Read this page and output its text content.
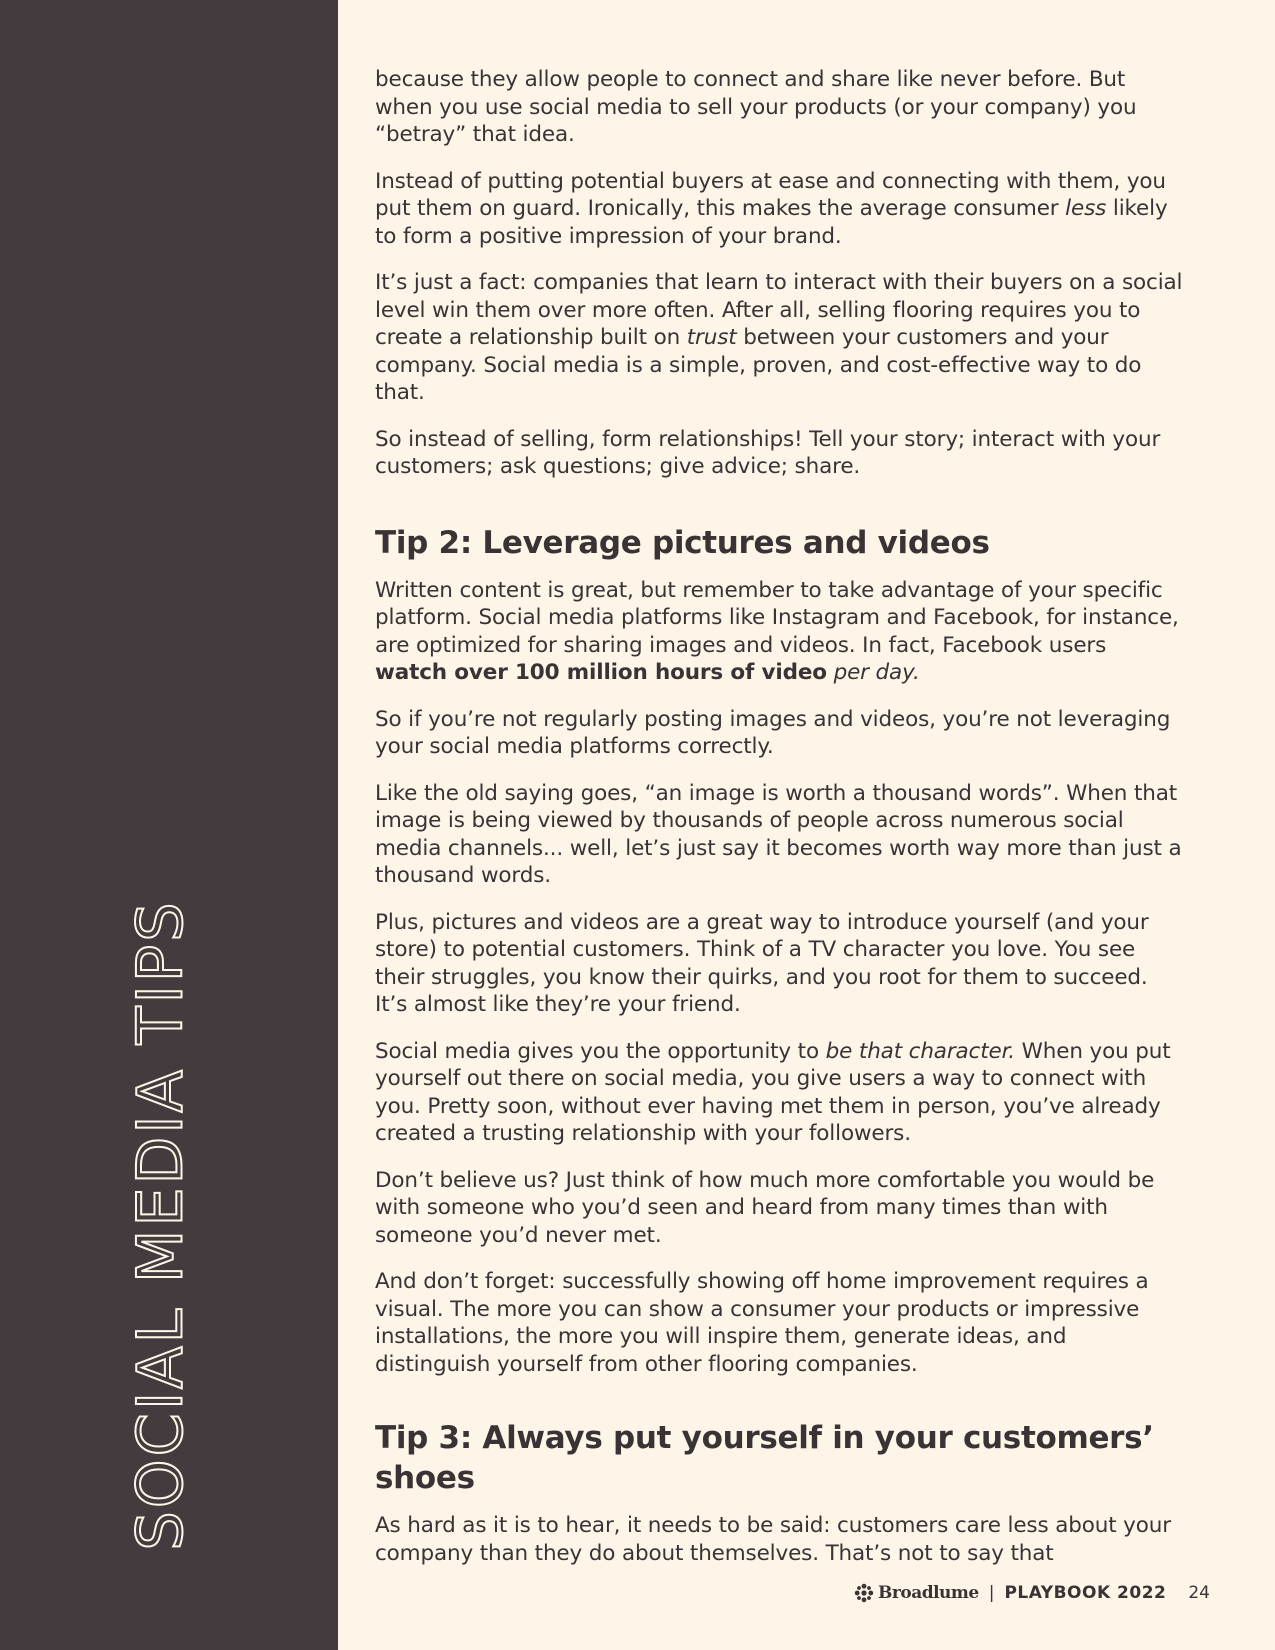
SOCIAL MEDIA TIPS

because they allow people to connect and share like never before. But when you use social media to sell your products (or your company) you “betray” that idea.

Instead of putting potential buyers at ease and connecting with them, you put them on guard. Ironically, this makes the average consumer less likely to form a positive impression of your brand.

It’s just a fact: companies that learn to interact with their buyers on a social level win them over more often. After all, selling flooring requires you to create a relationship built on trust between your customers and your company. Social media is a simple, proven, and cost-effective way to do that.

So instead of selling, form relationships! Tell your story; interact with your customers; ask questions; give advice; share.

Tip 2: Leverage pictures and videos

Written content is great, but remember to take advantage of your specific platform. Social media platforms like Instagram and Facebook, for instance, are optimized for sharing images and videos. In fact, Facebook users watch over 100 million hours of video per day.

So if you’re not regularly posting images and videos, you’re not leveraging your social media platforms correctly.

Like the old saying goes, “an image is worth a thousand words”. When that image is being viewed by thousands of people across numerous social media channels... well, let’s just say it becomes worth way more than just a thousand words.

Plus, pictures and videos are a great way to introduce yourself (and your store) to potential customers. Think of a TV character you love. You see their struggles, you know their quirks, and you root for them to succeed. It’s almost like they’re your friend.

Social media gives you the opportunity to be that character. When you put yourself out there on social media, you give users a way to connect with you. Pretty soon, without ever having met them in person, you’ve already created a trusting relationship with your followers.

Don’t believe us? Just think of how much more comfortable you would be with someone who you’d seen and heard from many times than with someone you’d never met.

And don’t forget: successfully showing off home improvement requires a visual. The more you can show a consumer your products or impressive installations, the more you will inspire them, generate ideas, and distinguish yourself from other flooring companies.

Tip 3: Always put yourself in your customers’ shoes

As hard as it is to hear, it needs to be said: customers care less about your company than they do about themselves. That’s not to say that

Broadlume | PLAYBOOK 2022 24
